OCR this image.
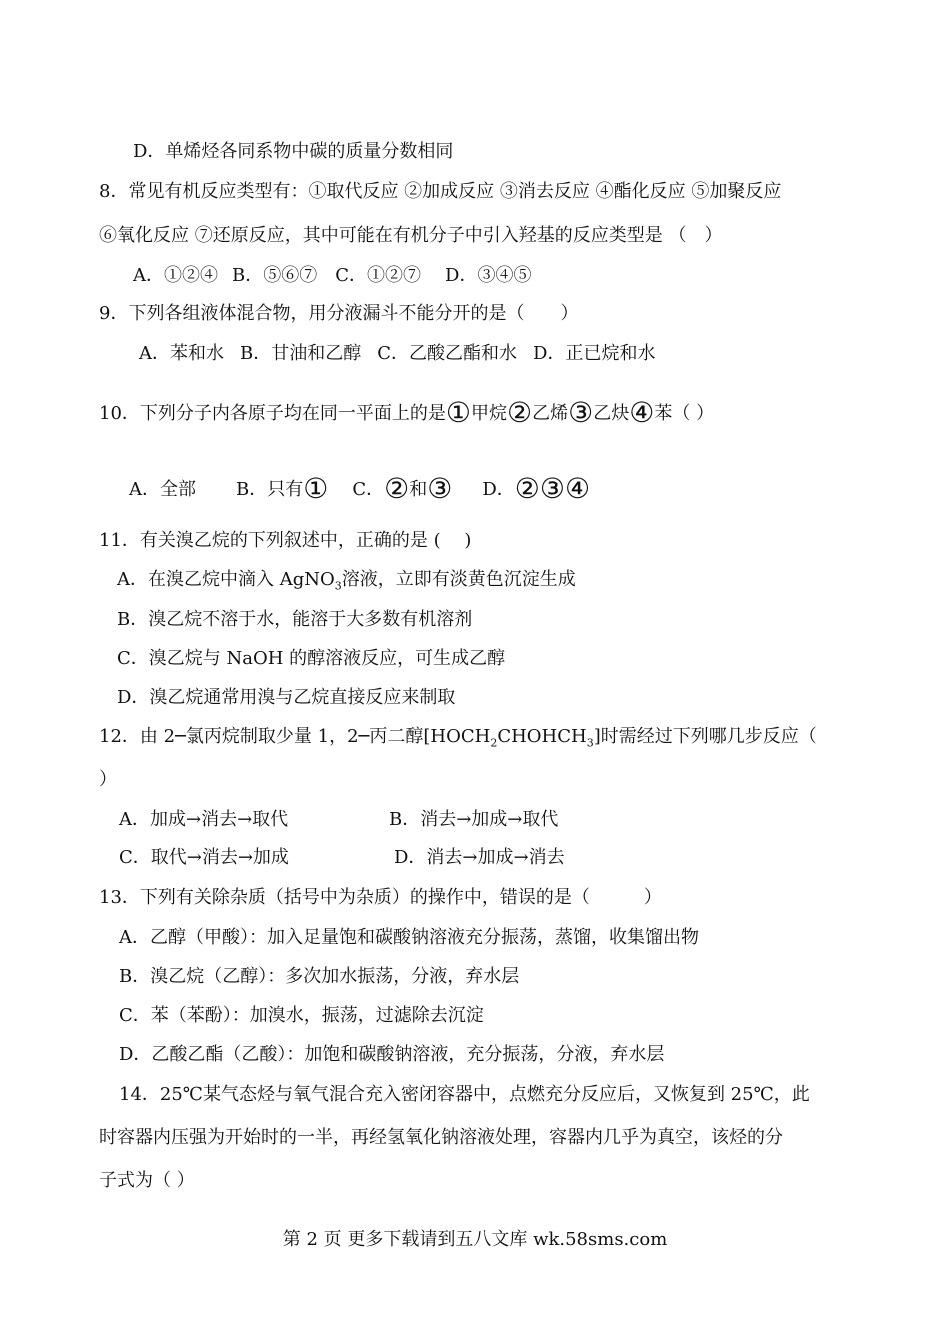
D．单烯烃各同系物中碳的质量分数相同
8．常见有机反应类型有：①取代反应 ②加成反应 ③消去反应 ④酯化反应 ⑤加聚反应
⑥氧化反应 ⑦还原反应，其中可能在有机分子中引入羟基的反应类型是 （　）
A．①②④ B．⑤⑥⑦ C．①②⑦ D．③④⑤
9．下列各组液体混合物，用分液漏斗不能分开的是（　　）
A．苯和水 B．甘油和乙醇 C．乙酸乙酯和水 D．正已烷和水
10．下列分子内各原子均在同一平面上的是①甲烷②乙烯③乙炔④苯（ ）
A．全部 B．只有① C．②和③ D．②③④
11．有关溴乙烷的下列叙述中，正确的是 (　 )
A．在溴乙烷中滴入 AgNO$_3$溶液，立即有淡黄色沉淀生成
B．溴乙烷不溶于水，能溶于大多数有机溶剂
C．溴乙烷与 NaOH 的醇溶液反应，可生成乙醇
D．溴乙烷通常用溴与乙烷直接反应来制取
12．由 2─氯丙烷制取少量 1，2─丙二醇$[HOCH_2CHOHCH_3]$时需经过下列哪几步反应（
）
A．加成→消去→取代	B．消去→加成→取代
C．取代→消去→加成	D．消去→加成→消去
13．下列有关除杂质（括号中为杂质）的操作中，错误的是（　　　）
A．乙醇（甲酸）：加入足量饱和碳酸钠溶液充分振荡，蒸馏，收集馏出物
B．溴乙烷（乙醇）：多次加水振荡，分液，弃水层
C．苯（苯酚）：加溴水，振荡，过滤除去沉淀
D．乙酸乙酯（乙酸）：加饱和碳酸钠溶液，充分振荡，分液，弃水层
14．25℃某气态烃与氧气混合充入密闭容器中，点燃充分反应后，又恢复到 25℃，此
时容器内压强为开始时的一半，再经氢氧化钠溶液处理，容器内几乎为真空，该烃的分
子式为（ ）
第 2 页 更多下载请到五八文库 wk.58sms.com
